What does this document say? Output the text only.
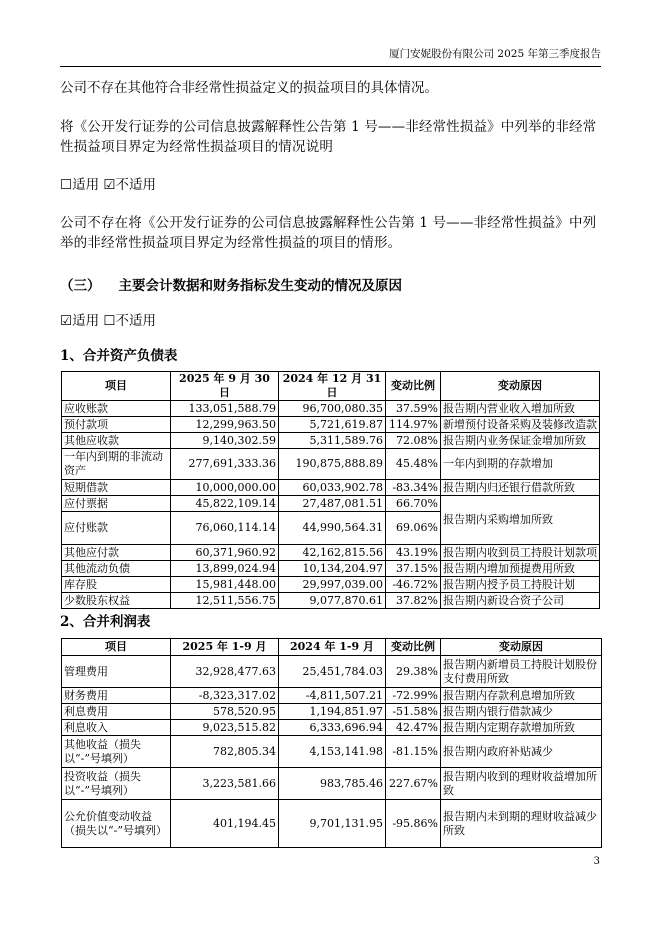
厦门安妮股份有限公司 2025 年第三季度报告
公司不存在其他符合非经常性损益定义的损益项目的具体情况。
将《公开发行证券的公司信息披露解释性公告第 1 号——非经常性损益》中列举的非经常性损益项目界定为经常性损益项目的情况说明
☐适用 ☑不适用
公司不存在将《公开发行证券的公司信息披露解释性公告第 1 号——非经常性损益》中列举的非经常性损益项目界定为经常性损益的项目的情形。
（三） 主要会计数据和财务指标发生变动的情况及原因
☑适用 ☐不适用
1、合并资产负债表
项目	2025 年 9 月 30 日	2024 年 12 月 31 日	变动比例	变动原因
应收账款	133,051,588.79	96,700,080.35	37.59%	报告期内营业收入增加所致
预付款项	12,299,963.50	5,721,619.87	114.97%	新增预付设备采购及装修改造款
其他应收款	9,140,302.59	5,311,589.76	72.08%	报告期内业务保证金增加所致
一年内到期的非流动资产	277,691,333.36	190,875,888.89	45.48%	一年内到期的存款增加
短期借款	10,000,000.00	60,033,902.78	-83.34%	报告期内归还银行借款所致
应付票据	45,822,109.14	27,487,081.51	66.70%	报告期内采购增加所致
应付账款	76,060,114.14	44,990,564.31	69.06%	
其他应付款	60,371,960.92	42,162,815.56	43.19%	报告期内收到员工持股计划款项
其他流动负债	13,899,024.94	10,134,204.97	37.15%	报告期内增加预提费用所致
库存股	15,981,448.00	29,997,039.00	-46.72%	报告期内授予员工持股计划
少数股东权益	12,511,556.75	9,077,870.61	37.82%	报告期内新设合资子公司
2、合并利润表
项目	2025 年 1-9 月	2024 年 1-9 月	变动比例	变动原因
管理费用	32,928,477.63	25,451,784.03	29.38%	报告期内新增员工持股计划股份支付费用所致
财务费用	-8,323,317.02	-4,811,507.21	-72.99%	报告期内存款利息增加所致
利息费用	578,520.95	1,194,851.97	-51.58%	报告期内银行借款减少
利息收入	9,023,515.82	6,333,696.94	42.47%	报告期内定期存款增加所致
其他收益（损失以“-”号填列）	782,805.34	4,153,141.98	-81.15%	报告期内政府补贴减少
投资收益（损失以“-”号填列）	3,223,581.66	983,785.46	227.67%	报告期内收到的理财收益增加所致
公允价值变动收益（损失以“-”号填列）	401,194.45	9,701,131.95	-95.86%	报告期内未到期的理财收益减少所致
3
